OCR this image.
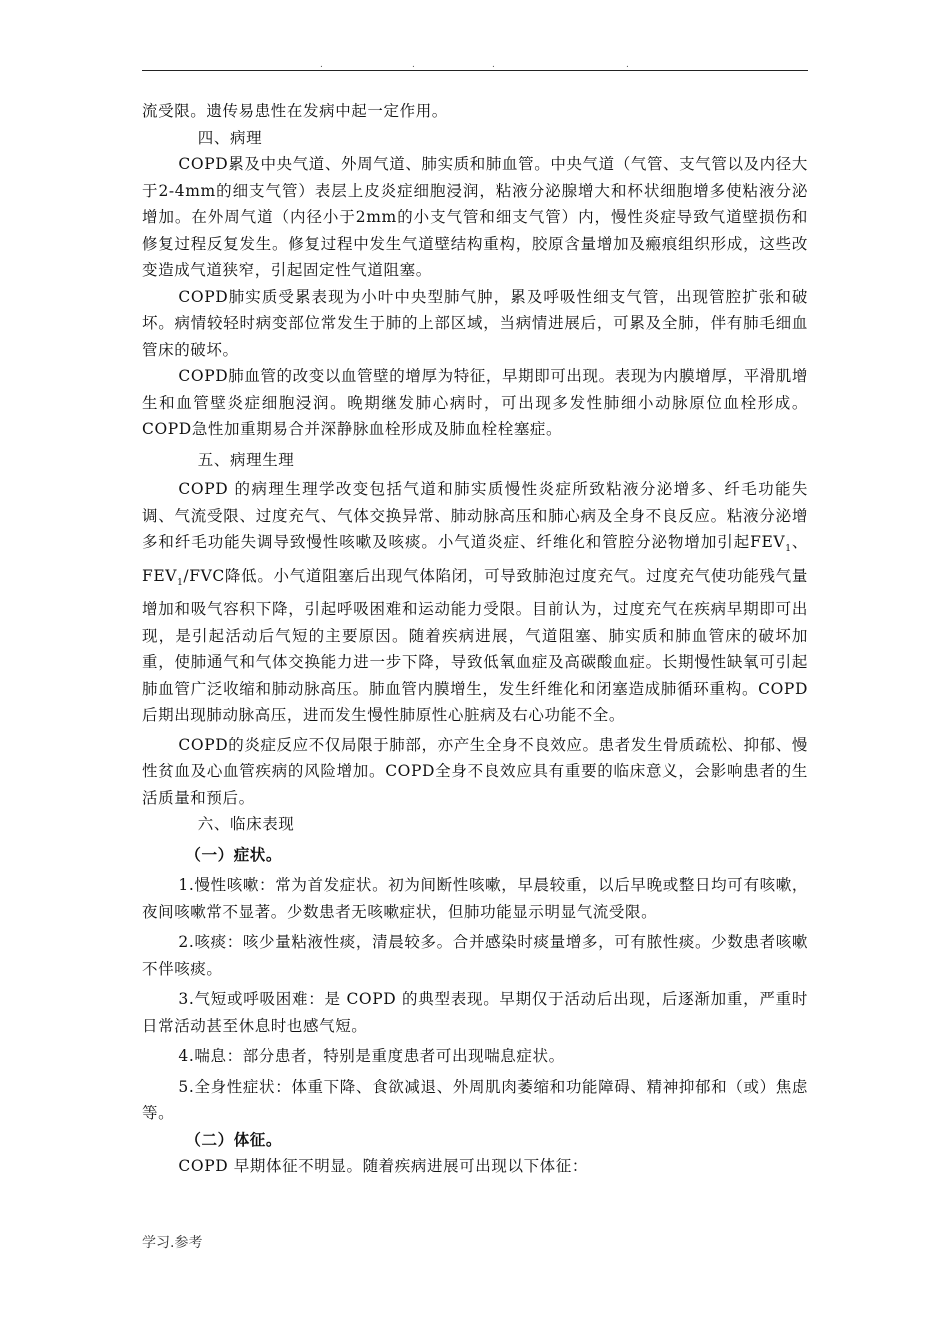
.	.	.	.

流受限。遗传易患性在发病中起一定作用。

四、病理

COPD累及中央气道、外周气道、肺实质和肺血管。中央气道（气管、支气管以及内径大于2-4mm的细支气管）表层上皮炎症细胞浸润，粘液分泌腺增大和杯状细胞增多使粘液分泌增加。在外周气道（内径小于2mm的小支气管和细支气管）内，慢性炎症导致气道壁损伤和修复过程反复发生。修复过程中发生气道壁结构重构，胶原含量增加及瘢痕组织形成，这些改变造成气道狭窄，引起固定性气道阻塞。

COPD肺实质受累表现为小叶中央型肺气肿，累及呼吸性细支气管，出现管腔扩张和破坏。病情较轻时病变部位常发生于肺的上部区域，当病情进展后，可累及全肺，伴有肺毛细血管床的破坏。

COPD肺血管的改变以血管壁的增厚为特征，早期即可出现。表现为内膜增厚，平滑肌增生和血管壁炎症细胞浸润。晚期继发肺心病时，可出现多发性肺细小动脉原位血栓形成。COPD急性加重期易合并深静脉血栓形成及肺血栓栓塞症。

五、病理生理

COPD 的病理生理学改变包括气道和肺实质慢性炎症所致粘液分泌增多、纤毛功能失调、气流受限、过度充气、气体交换异常、肺动脉高压和肺心病及全身不良反应。粘液分泌增多和纤毛功能失调导致慢性咳嗽及咳痰。小气道炎症、纤维化和管腔分泌物增加引起$FEV_1$、$FEV_1$/FVC降低。小气道阻塞后出现气体陷闭，可导致肺泡过度充气。过度充气使功能残气量增加和吸气容积下降，引起呼吸困难和运动能力受限。目前认为，过度充气在疾病早期即可出现，是引起活动后气短的主要原因。随着疾病进展，气道阻塞、肺实质和肺血管床的破坏加重，使肺通气和气体交换能力进一步下降，导致低氧血症及高碳酸血症。长期慢性缺氧可引起肺血管广泛收缩和肺动脉高压。肺血管内膜增生，发生纤维化和闭塞造成肺循环重构。COPD 后期出现肺动脉高压，进而发生慢性肺原性心脏病及右心功能不全。

COPD的炎症反应不仅局限于肺部，亦产生全身不良效应。患者发生骨质疏松、抑郁、慢性贫血及心血管疾病的风险增加。COPD全身不良效应具有重要的临床意义，会影响患者的生活质量和预后。

六、临床表现

（一）症状。

1.慢性咳嗽：常为首发症状。初为间断性咳嗽，早晨较重，以后早晚或整日均可有咳嗽，夜间咳嗽常不显著。少数患者无咳嗽症状，但肺功能显示明显气流受限。

2.咳痰：咳少量粘液性痰，清晨较多。合并感染时痰量增多，可有脓性痰。少数患者咳嗽不伴咳痰。

3.气短或呼吸困难：是 COPD 的典型表现。早期仅于活动后出现，后逐渐加重，严重时日常活动甚至休息时也感气短。

4.喘息：部分患者，特别是重度患者可出现喘息症状。

5.全身性症状：体重下降、食欲减退、外周肌肉萎缩和功能障碍、精神抑郁和（或）焦虑等。

（二）体征。

COPD 早期体征不明显。随着疾病进展可出现以下体征：

学习.参考
